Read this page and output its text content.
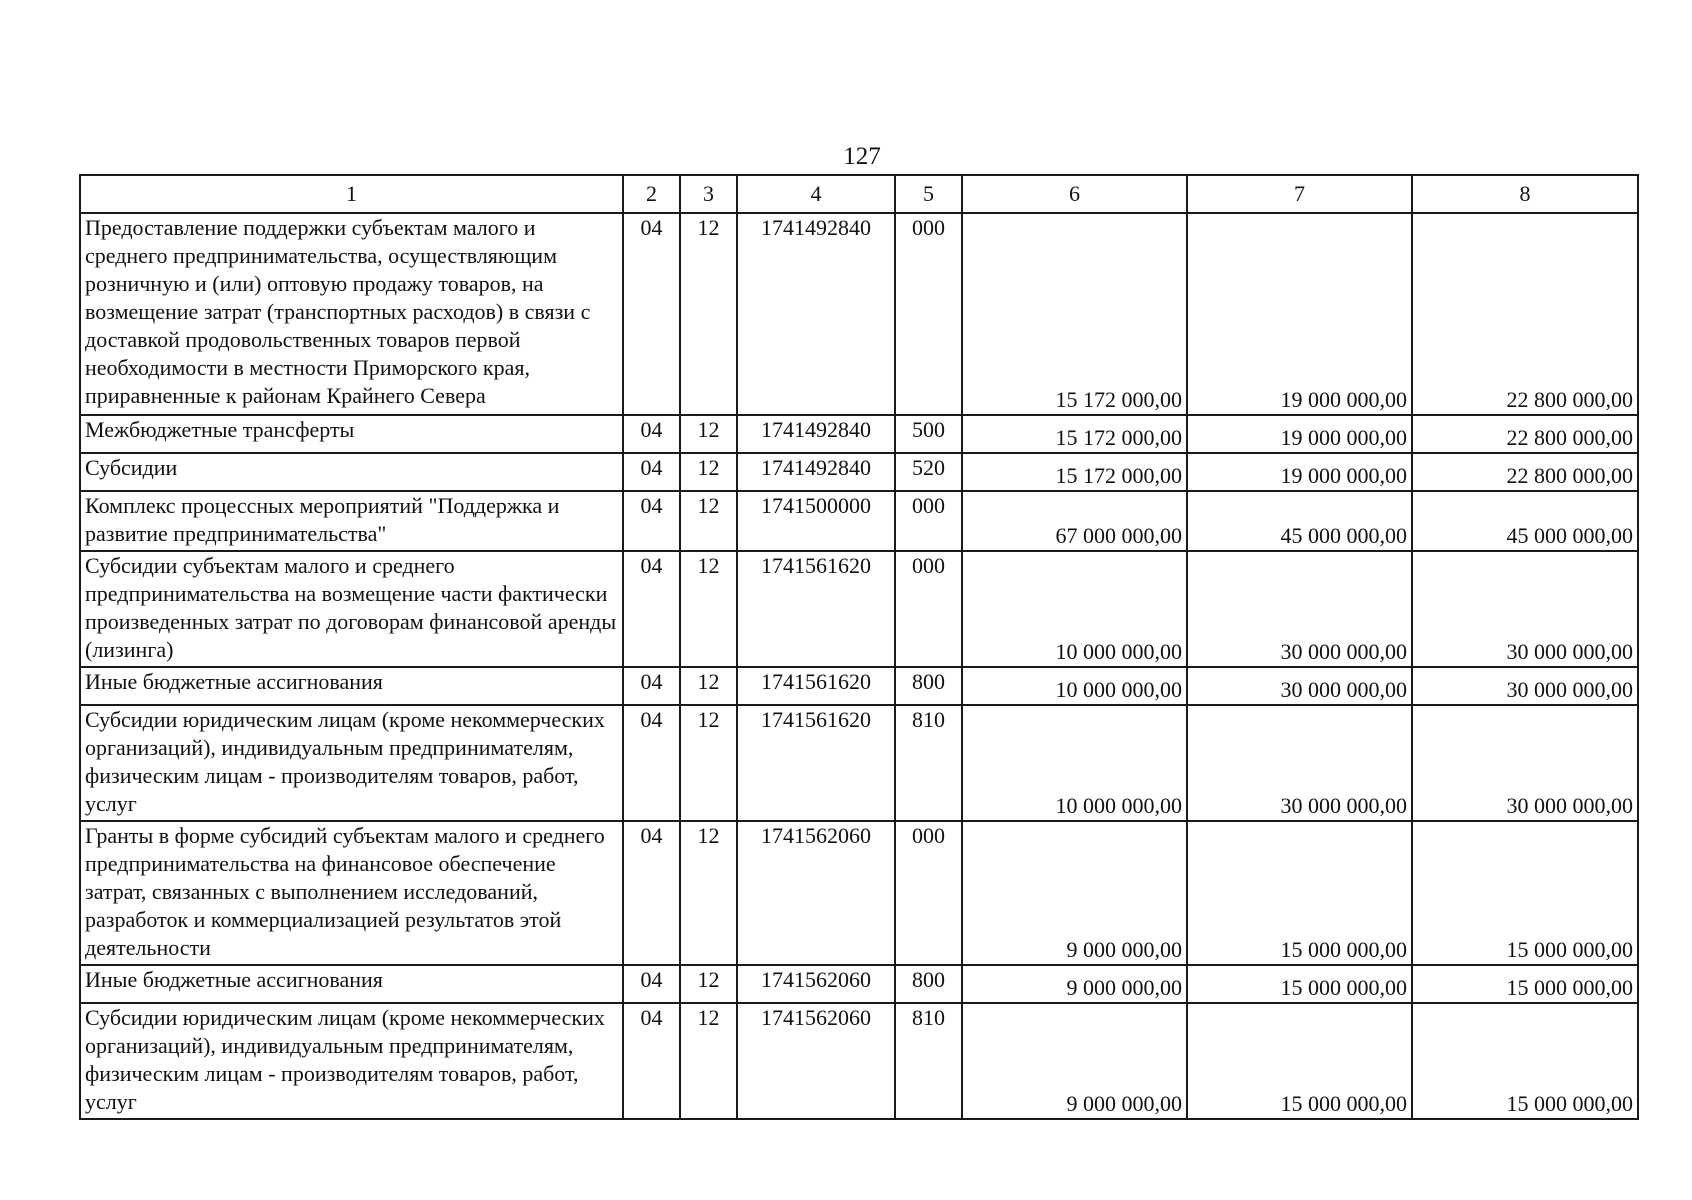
127
1	2	3	4	5	6	7	8
Предоставление поддержки субъектам малого и среднего предпринимательства, осуществляющим розничную и (или) оптовую продажу товаров, на возмещение затрат (транспортных расходов) в связи с доставкой продовольственных товаров первой необходимости в местности Приморского края, приравненные к районам Крайнего Севера	04	12	1741492840	000	15 172 000,00	19 000 000,00	22 800 000,00
Межбюджетные трансферты	04	12	1741492840	500	15 172 000,00	19 000 000,00	22 800 000,00
Субсидии	04	12	1741492840	520	15 172 000,00	19 000 000,00	22 800 000,00
Комплекс процессных мероприятий "Поддержка и развитие предпринимательства"	04	12	1741500000	000	67 000 000,00	45 000 000,00	45 000 000,00
Субсидии субъектам малого и среднего предпринимательства на возмещение части фактически произведенных затрат по договорам финансовой аренды (лизинга)	04	12	1741561620	000	10 000 000,00	30 000 000,00	30 000 000,00
Иные бюджетные ассигнования	04	12	1741561620	800	10 000 000,00	30 000 000,00	30 000 000,00
Субсидии юридическим лицам (кроме некоммерческих организаций), индивидуальным предпринимателям, физическим лицам - производителям товаров, работ, услуг	04	12	1741561620	810	10 000 000,00	30 000 000,00	30 000 000,00
Гранты в форме субсидий субъектам малого и среднего предпринимательства на финансовое обеспечение затрат, связанных с выполнением исследований, разработок и коммерциализацией результатов этой деятельности	04	12	1741562060	000	9 000 000,00	15 000 000,00	15 000 000,00
Иные бюджетные ассигнования	04	12	1741562060	800	9 000 000,00	15 000 000,00	15 000 000,00
Субсидии юридическим лицам (кроме некоммерческих организаций), индивидуальным предпринимателям, физическим лицам - производителям товаров, работ, услуг	04	12	1741562060	810	9 000 000,00	15 000 000,00	15 000 000,00
